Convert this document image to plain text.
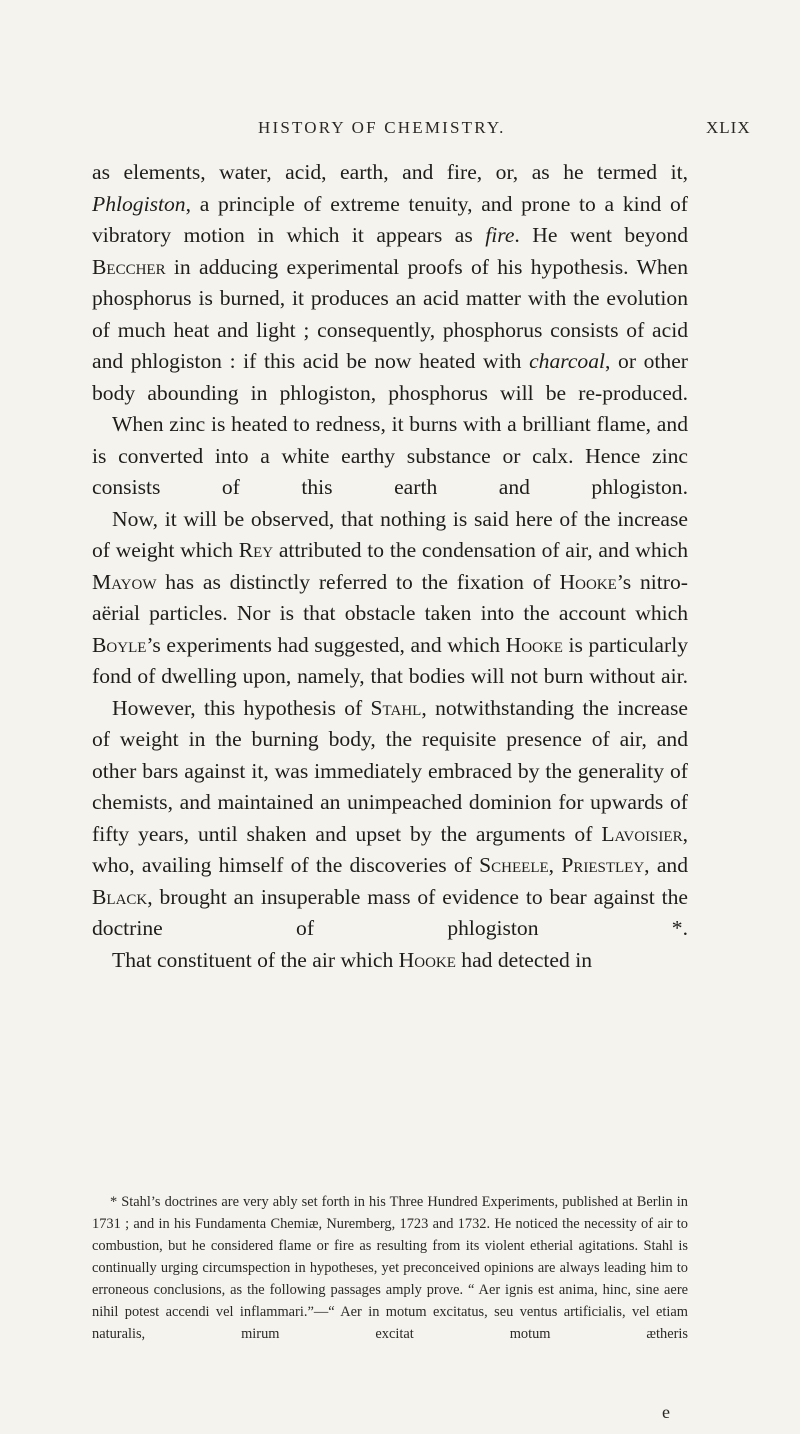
HISTORY OF CHEMISTRY.	XLIX

as elements, water, acid, earth, and fire, or, as he termed it, Phlogiston, a principle of extreme tenuity, and prone to a kind of vibratory motion in which it appears as fire. He went beyond Beccher in adducing experimental proofs of his hypothesis. When phosphorus is burned, it produces an acid matter with the evolution of much heat and light ; consequently, phosphorus consists of acid and phlogiston : if this acid be now heated with charcoal, or other body abounding in phlogiston, phosphorus will be re-produced.

When zinc is heated to redness, it burns with a brilliant flame, and is converted into a white earthy substance or calx. Hence zinc consists of this earth and phlogiston.

Now, it will be observed, that nothing is said here of the increase of weight which Rey attributed to the condensation of air, and which Mayow has as distinctly referred to the fixation of Hooke’s nitro-aërial particles. Nor is that obstacle taken into the account which Boyle’s experiments had suggested, and which Hooke is particularly fond of dwelling upon, namely, that bodies will not burn without air.

However, this hypothesis of Stahl, notwithstanding the increase of weight in the burning body, the requisite presence of air, and other bars against it, was immediately embraced by the generality of chemists, and maintained an unimpeached dominion for upwards of fifty years, until shaken and upset by the arguments of Lavoisier, who, availing himself of the discoveries of Scheele, Priestley, and Black, brought an insuperable mass of evidence to bear against the doctrine of phlogiston *.

That constituent of the air which Hooke had detected in

* Stahl’s doctrines are very ably set forth in his Three Hundred Experiments, published at Berlin in 1731 ; and in his Fundamenta Chemiæ, Nuremberg, 1723 and 1732. He noticed the necessity of air to combustion, but he considered flame or fire as resulting from its violent etherial agitations. Stahl is continually urging circumspection in hypotheses, yet preconceived opinions are always leading him to erroneous conclusions, as the following passages amply prove. “ Aer ignis est anima, hinc, sine aere nihil potest accendi vel inflammari.”—“ Aer in motum excitatus, seu ventus artificialis, vel etiam naturalis, mirum excitat motum ætheris

e
